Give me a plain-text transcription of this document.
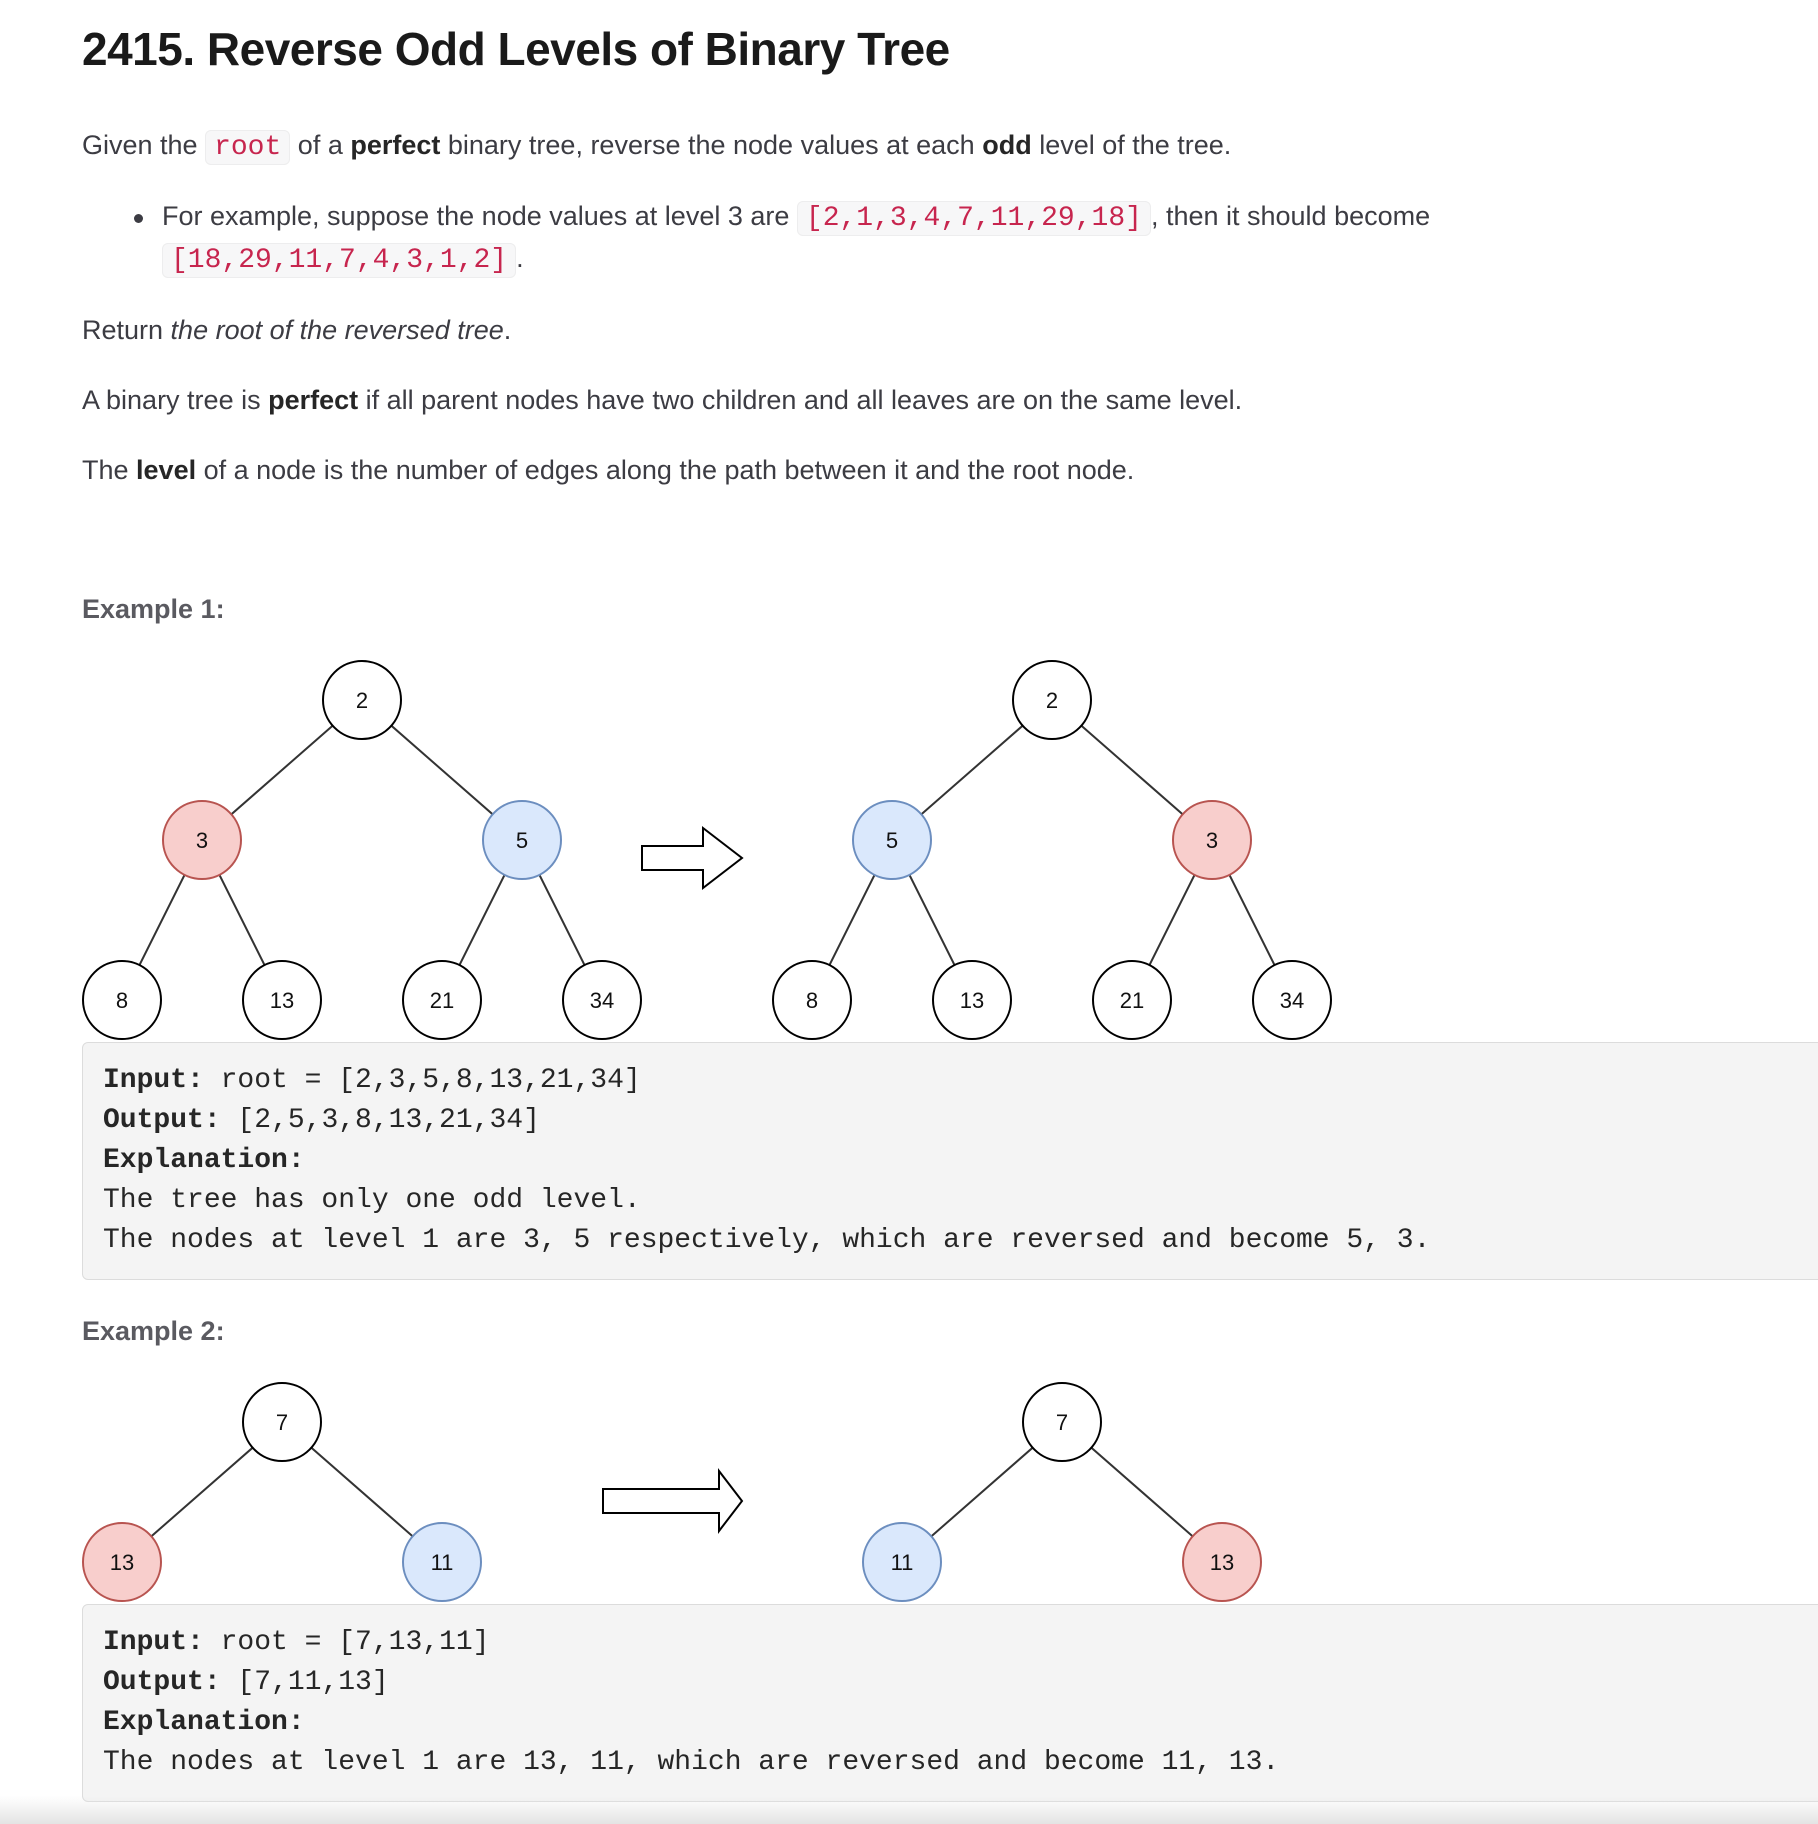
2415. Reverse Odd Levels of Binary Tree

Given the root of a perfect binary tree, reverse the node values at each odd level of the tree.

For example, suppose the node values at level 3 are [2,1,3,4,7,11,29,18] , then it should become

[18,29,11,7,4,3,1,2] .

Return the root of the reversed tree.

A binary tree is perfect if all parent nodes have two children and all leaves are on the same level.

The level of a node is the number of edges along the path between it and the root node.

Example 1:
2
3	5
8	13	21	34
2
5	3
8	13	21	34
Input: root = [2,3,5,8,13,21,34]
Output: [2,5,3,8,13,21,34]
Explanation:
The tree has only one odd level.
The nodes at level 1 are 3, 5 respectively, which are reversed and become 5, 3.
Example 2:
7
13	11
7
11	13
Input: root = [7,13,11]
Output: [7,11,13]
Explanation:
The nodes at level 1 are 13, 11, which are reversed and become 11, 13.
